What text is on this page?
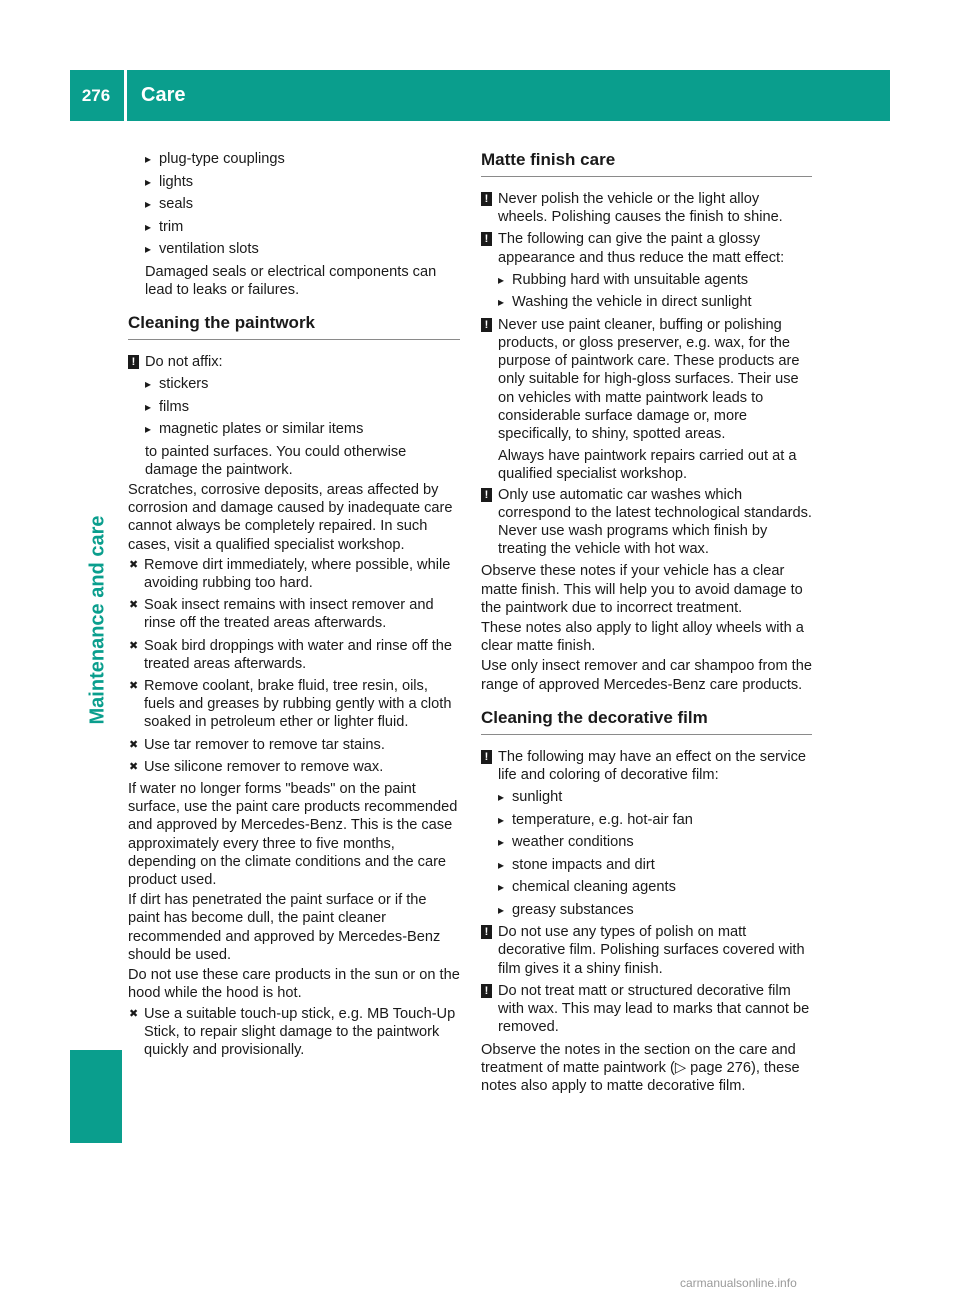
276	Care
Maintenance and care
▸ plug-type couplings
▸ lights
▸ seals
▸ trim
▸ ventilation slots
Damaged seals or electrical components can lead to leaks or failures.
Cleaning the paintwork
! Do not affix:
▸ stickers
▸ films
▸ magnetic plates or similar items
to painted surfaces. You could otherwise damage the paintwork.
Scratches, corrosive deposits, areas affected by corrosion and damage caused by inadequate care cannot always be completely repaired. In such cases, visit a qualified specialist workshop.
✖ Remove dirt immediately, where possible, while avoiding rubbing too hard.
✖ Soak insect remains with insect remover and rinse off the treated areas afterwards.
✖ Soak bird droppings with water and rinse off the treated areas afterwards.
✖ Remove coolant, brake fluid, tree resin, oils, fuels and greases by rubbing gently with a cloth soaked in petroleum ether or lighter fluid.
✖ Use tar remover to remove tar stains.
✖ Use silicone remover to remove wax.
If water no longer forms "beads" on the paint surface, use the paint care products recommended and approved by Mercedes-Benz. This is the case approximately every three to five months, depending on the climate conditions and the care product used.
If dirt has penetrated the paint surface or if the paint has become dull, the paint cleaner recommended and approved by Mercedes-Benz should be used.
Do not use these care products in the sun or on the hood while the hood is hot.
✖ Use a suitable touch-up stick, e.g. MB Touch-Up Stick, to repair slight damage to the paintwork quickly and provisionally.
Matte finish care
! Never polish the vehicle or the light alloy wheels. Polishing causes the finish to shine.
! The following can give the paint a glossy appearance and thus reduce the matt effect:
▸ Rubbing hard with unsuitable agents
▸ Washing the vehicle in direct sunlight
! Never use paint cleaner, buffing or polishing products, or gloss preserver, e.g. wax, for the purpose of paintwork care. These products are only suitable for high-gloss surfaces. Their use on vehicles with matte paintwork leads to considerable surface damage or, more specifically, to shiny, spotted areas.
Always have paintwork repairs carried out at a qualified specialist workshop.
! Only use automatic car washes which correspond to the latest technological standards. Never use wash programs which finish by treating the vehicle with hot wax.
Observe these notes if your vehicle has a clear matte finish. This will help you to avoid damage to the paintwork due to incorrect treatment.
These notes also apply to light alloy wheels with a clear matte finish.
Use only insect remover and car shampoo from the range of approved Mercedes-Benz care products.
Cleaning the decorative film
! The following may have an effect on the service life and coloring of decorative film:
▸ sunlight
▸ temperature, e.g. hot-air fan
▸ weather conditions
▸ stone impacts and dirt
▸ chemical cleaning agents
▸ greasy substances
! Do not use any types of polish on matt decorative film. Polishing surfaces covered with film gives it a shiny finish.
! Do not treat matt or structured decorative film with wax. This may lead to marks that cannot be removed.
Observe the notes in the section on the care and treatment of matte paintwork (▷ page 276), these notes also apply to matte decorative film.
carmanualsonline.info
